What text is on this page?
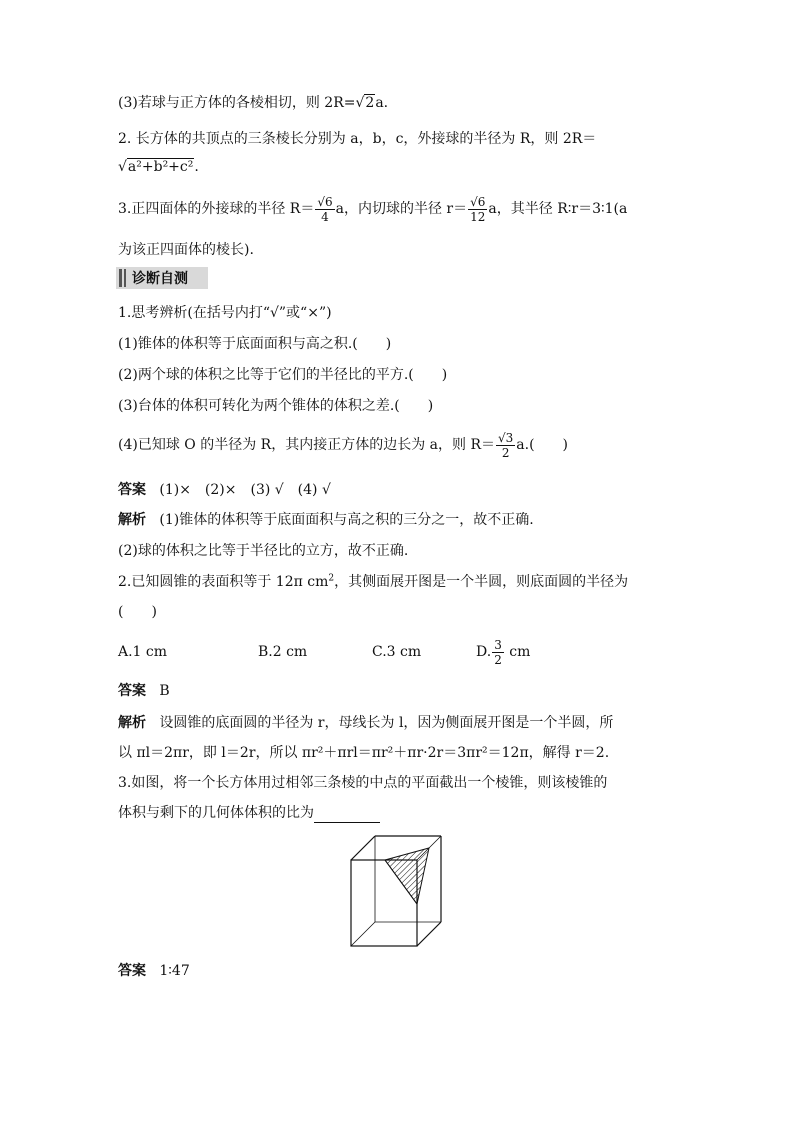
(3)若球与正方体的各棱相切，则 2R=√2a.
2. 长方体的共顶点的三条棱长分别为 a，b，c，外接球的半径为 R，则 2R＝
√a²+b²+c².
3.正四面体的外接球的半径 $R= \frac{√6}{4}$ a，内切球的半径 $r= \frac{√6}{12}$ a，其半径 R∶r＝3∶1(a
为该正四面体的棱长).
诊断自测
1.思考辨析(在括号内打“√”或“×”)
(1)锥体的体积等于底面面积与高之积.(　　)
(2)两个球的体积之比等于它们的半径比的平方.(　　)
(3)台体的体积可转化为两个锥体的体积之差.(　　)
(4)已知球 O 的半径为 R，其内接正方体的边长为 a，则 $R= \frac{√3}{2} a$.(　　)
答案 (1)×　(2)×　(3) √　(4) √
解析 (1)锥体的体积等于底面面积与高之积的三分之一，故不正确.
(2)球的体积之比等于半径比的立方，故不正确.
2.已知圆锥的表面积等于 12π $cm^2$，其侧面展开图是一个半圆，则底面圆的半径为
(　　)
A.1 cm	B.2 cm	C.3 cm	D. $\frac{3}{2}$ cm
答案 B
解析 设圆锥的底面圆的半径为 r，母线长为 l，因为侧面展开图是一个半圆，所
以 πl＝2πr，即 l＝2r，所以 πr²＋πrl＝πr²＋πr·2r＝3πr²＝12π，解得 r＝2.
3.如图，将一个长方体用过相邻三条棱的中点的平面截出一个棱锥，则该棱锥的
体积与剩下的几何体体积的比为
答案 1∶47
